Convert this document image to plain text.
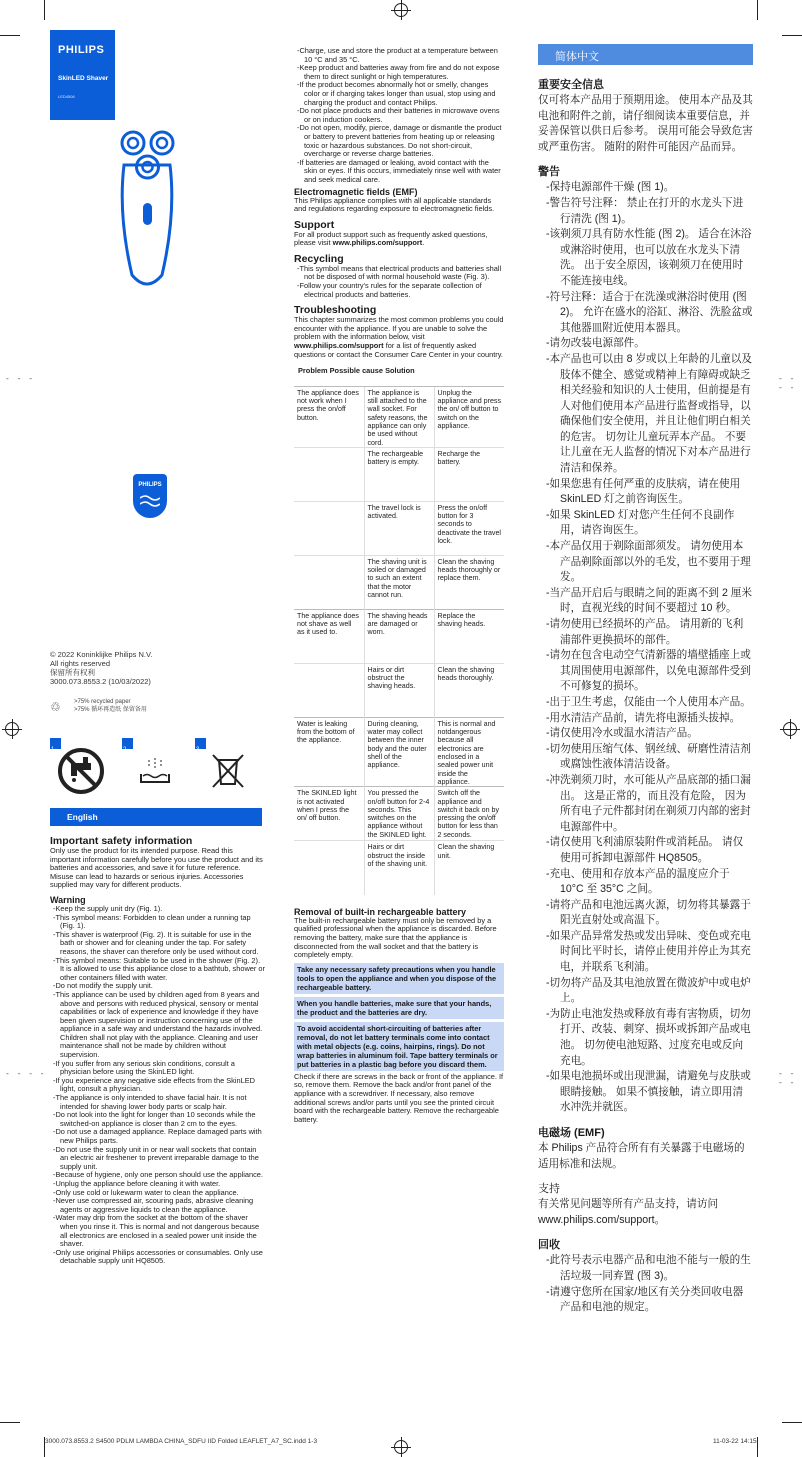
- - -	- - - -
- - - -	- - - -
PHILIPS
SkinLED Shaver
LED4506
PHILIPS
© 2022 Koninklijke Philips N.V.
All rights reserved
保留所有权利
3000.073.8553.2 (10/03/2022)
♲	>75% recycled paper
>75% 循环再造纸 保留备用
1	2	3
English
Important safety information
Only use the product for its intended purpose. Read this important information carefully before you use the product and its batteries and accessories, and save it for future reference. Misuse can lead to hazards or serious injuries. Accessories supplied may vary for different products.
Warning
-Keep the supply unit dry (Fig. 1).
-This symbol means: Forbidden to clean under a running tap (Fig. 1).
-This shaver is waterproof (Fig. 2). It is suitable for use in the bath or shower and for cleaning under the tap. For safety reasons, the shaver can therefore only be used without cord.
-This symbol means: Suitable to be used in the shower (Fig. 2). It is allowed to use this appliance close to a bathtub, shower or other containers filled with water.
-Do not modify the supply unit.
-This appliance can be used by children aged from 8 years and above and persons with reduced physical, sensory or mental capabilities or lack of experience and knowledge if they have been given supervision or instruction concerning use of the appliance in a safe way and understand the hazards involved. Children shall not play with the appliance. Cleaning and user maintenance shall not be made by children without supervision.
-If you suffer from any serious skin conditions, consult a physician before using the SkinLED light.
-If you experience any negative side effects from the SkinLED light, consult a physician.
-The appliance is only intended to shave facial hair. It is not intended for shaving lower body parts or scalp hair.
-Do not look into the light for longer than 10 seconds while the switched-on appliance is closer than 2 cm to the eyes.
-Do not use a damaged appliance. Replace damaged parts with new Philips parts.
-Do not use the supply unit in or near wall sockets that contain an electric air freshener to prevent irreparable damage to the supply unit.
-Because of hygiene, only one person should use the appliance.
-Unplug the appliance before cleaning it with water.
-Only use cold or lukewarm water to clean the appliance.
-Never use compressed air, scouring pads, abrasive cleaning agents or aggressive liquids to clean the appliance.
-Water may drip from the socket at the bottom of the shaver when you rinse it. This is normal and not dangerous because all electronics are enclosed in a sealed power unit inside the shaver.
-Only use original Philips accessories or consumables. Only use detachable supply unit HQ8505.
-Charge, use and store the product at a temperature between 10 °C and 35 °C.
-Keep product and batteries away from fire and do not expose them to direct sunlight or high temperatures.
-If the product becomes abnormally hot or smelly, changes color or if charging takes longer than usual, stop using and charging the product and contact Philips.
-Do not place products and their batteries in microwave ovens or on induction cookers.
-Do not open, modify, pierce, damage or dismantle the product or battery to prevent batteries from heating up or releasing toxic or hazardous substances. Do not short-circuit, overcharge or reverse charge batteries.
-If batteries are damaged or leaking, avoid contact with the skin or eyes. If this occurs, immediately rinse well with water and seek medical care.
Electromagnetic fields (EMF)
This Philips appliance complies with all applicable standards and regulations regarding exposure to electromagnetic fields.
Support
For all product support such as frequently asked questions, please visit www.philips.com/support.
Recycling
-This symbol means that electrical products and batteries shall not be disposed of with normal household waste (Fig. 3).
-Follow your country's rules for the separate collection of electrical products and batteries.
Troubleshooting
This chapter summarizes the most common problems you could encounter with the appliance. If you are unable to solve the problem with the information below, visit www.philips.com/support for a list of frequently asked questions or contact the Consumer Care Center in your country.
Problem Possible cause Solution
The appliance does not work when I press the on/off button.	The appliance is still attached to the wall socket. For safety reasons, the appliance can only be used without cord.	Unplug the appliance and press the on/ off button to switch on the appliance.
	The rechargeable battery is empty.	Recharge the battery.
	The travel lock is activated.	Press the on/off button for 3 seconds to deactivate the travel lock.
	The shaving unit is soiled or damaged to such an extent that the motor cannot run.	Clean the shaving heads thoroughly or replace them.
The appliance does not shave as well as it used to.	The shaving heads are damaged or worn.	Replace the shaving heads.
	Hairs or dirt obstruct the shaving heads.	Clean the shaving heads thoroughly.
Water is leaking from the bottom of the appliance.	During cleaning, water may collect between the inner body and the outer shell of the appliance.	This is normal and notdangerous because all electronics are enclosed in a sealed power unit inside the appliance.
The SKINLED light is not activated when I press the on/ off button.	You pressed the on/off button for 2-4 seconds. This switches on the appliance without the SKINLED light.	Switch off the appliance and switch it back on by pressing the on/off button for less than 2 seconds.
	Hairs or dirt obstruct the inside of the shaving unit.	Clean the shaving unit.
Removal of built-in rechargeable battery
The built-in rechargeable battery must only be removed by a qualified professional when the appliance is discarded. Before removing the battery, make sure that the appliance is disconnected from the wall socket and that the battery is completely empty.
Take any necessary safety precautions when you handle tools to open the appliance and when you dispose of the rechargeable battery.
When you handle batteries, make sure that your hands, the product and the batteries are dry.
To avoid accidental short-circuiting of batteries after removal, do not let battery terminals come into contact with metal objects (e.g. coins, hairpins, rings). Do not wrap batteries in aluminum foil. Tape battery terminals or put batteries in a plastic bag before you discard them.
Check if there are screws in the back or front of the appliance. If so, remove them. Remove the back and/or front panel of the appliance with a screwdriver. If necessary, also remove additional screws and/or parts until you see the printed circuit board with the rechargeable battery. Remove the rechargeable battery.
简体中文
重要安全信息
仅可将本产品用于预期用途。 使用本产品及其电池和附件之前，请仔细阅读本重要信息，并妥善保管以供日后参考。 误用可能会导致危害或严重伤害。 随附的附件可能因产品而异。
警告
-保持电源部件干燥 (图 1)。
-警告符号注释： 禁止在打开的水龙头下进行清洗 (图 1)。
-该剃须刀具有防水性能 (图 2)。 适合在沐浴或淋浴时使用，也可以放在水龙头下清洗。 出于安全原因，该剃须刀在使用时不能连接电线。
-符号注释：适合于在洗澡或淋浴时使用 (图 2)。 允许在盛水的浴缸、淋浴、洗脸盆或其他器皿附近使用本器具。
-请勿改装电源部件。
-本产品也可以由 8 岁或以上年龄的儿童以及肢体不健全、感觉或精神上有障碍或缺乏相关经验和知识的人士使用，但前提是有人对他们使用本产品进行监督或指导，以确保他们安全使用，并且让他们明白相关的危害。 切勿让儿童玩弄本产品。 不要让儿童在无人监督的情况下对本产品进行清洁和保养。
-如果您患有任何严重的皮肤病，请在使用 SkinLED 灯之前咨询医生。
-如果 SkinLED 灯对您产生任何不良副作用，请咨询医生。
-本产品仅用于剃除面部须发。 请勿使用本产品剃除面部以外的毛发，也不要用于理发。
-当产品开启后与眼睛之间的距离不到 2 厘米时，直视光线的时间不要超过 10 秒。
-请勿使用已经损坏的产品。 请用新的飞利浦部件更换损坏的部件。
-请勿在包含电动空气清新器的墙壁插座上或其周围使用电源部件，以免电源部件受到不可修复的损坏。
-出于卫生考虑，仅能由一个人使用本产品。
-用水清洁产品前，请先将电源插头拔掉。
-请仅使用冷水或温水清洁产品。
-切勿使用压缩气体、钢丝绒、研磨性清洁剂或腐蚀性液体清洁设备。
-冲洗剃须刀时，水可能从产品底部的插口漏出。 这是正常的，而且没有危险， 因为所有电子元件都封闭在剃须刀内部的密封电源部件中。
-请仅使用飞利浦原装附件或消耗品。 请仅使用可拆卸电源部件 HQ8505。
-充电、使用和存放本产品的温度应介于 10°C 至 35°C 之间。
-请将产品和电池远离火源，切勿将其暴露于阳光直射处或高温下。
-如果产品异常发热或发出异味、变色或充电时间比平时长，请停止使用并停止为其充电，并联系飞利浦。
-切勿将产品及其电池放置在微波炉中或电炉上。
-为防止电池发热或释放有毒有害物质，切勿打开、改装、刺穿、损坏或拆卸产品或电池。 切勿使电池短路、过度充电或反向充电。
-如果电池损坏或出现泄漏，请避免与皮肤或眼睛接触。 如果不慎接触，请立即用清水冲洗并就医。
电磁场 (EMF)
本 Philips 产品符合所有有关暴露于电磁场的适用标准和法规。
支持
有关常见问题等所有产品支持，请访问 www.philips.com/support。
回收
-此符号表示电器产品和电池不能与一般的生活垃圾一同弃置 (图 3)。
-请遵守您所在国家/地区有关分类回收电器产品和电池的规定。
3000.073.8553.2 S4500 PDLM LAMBDA CHINA_SDFU IID Folded LEAFLET_A7_SC.indd 1-3	11-03-22 14:15
